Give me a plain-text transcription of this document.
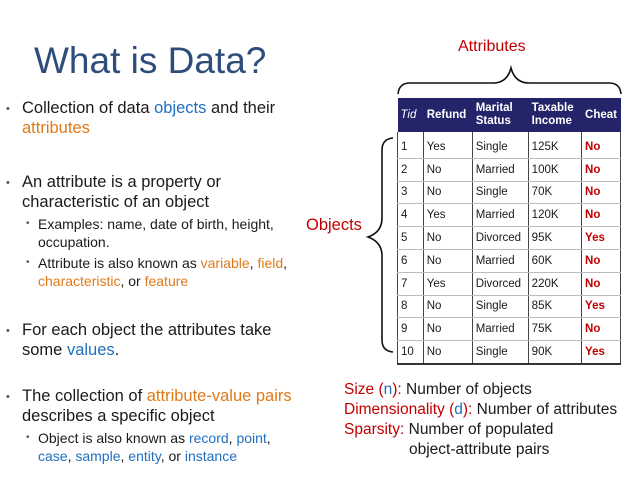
What is Data?
• Collection of data objects and their attributes
• An attribute is a property or characteristic of an object
• Examples: name, date of birth, height, occupation.
• Attribute is also known as variable, field, characteristic, or feature
• For each object the attributes take some values.
• The collection of attribute-value pairs describes a specific object
• Object is also known as record, point, case, sample, entity, or instance
Attributes
Objects
Tid	Refund	Marital Status	Taxable Income	Cheat
1	Yes	Single	125K	No
2	No	Married	100K	No
3	No	Single	70K	No
4	Yes	Married	120K	No
5	No	Divorced	95K	Yes
6	No	Married	60K	No
7	Yes	Divorced	220K	No
8	No	Single	85K	Yes
9	No	Married	75K	No
10	No	Single	90K	Yes
Size (n): Number of objects
Dimensionality (d): Number of attributes
Sparsity: Number of populated
object-attribute pairs
